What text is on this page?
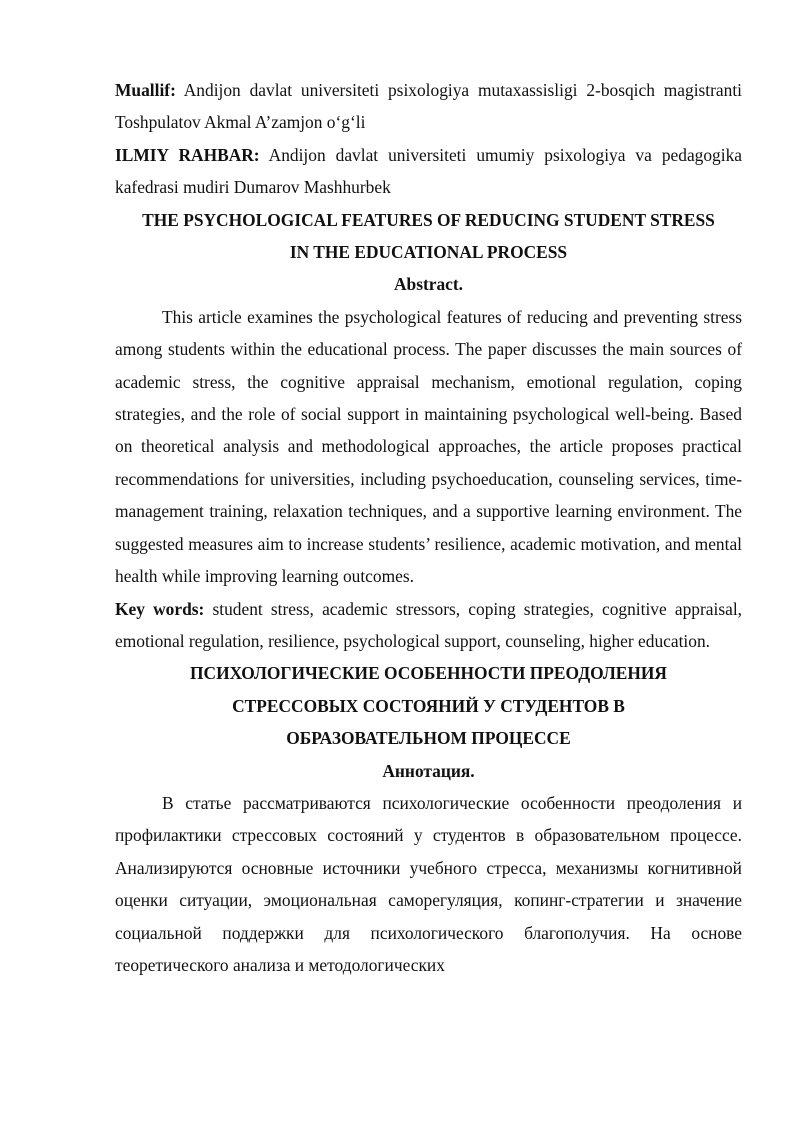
Muallif: Andijon davlat universiteti psixologiya mutaxassisligi 2-bosqich magistranti Toshpulatov Akmal A’zamjon o‘g‘li

ILMIY RAHBAR: Andijon davlat universiteti umumiy psixologiya va pedagogika kafedrasi mudiri Dumarov Mashhurbek

THE PSYCHOLOGICAL FEATURES OF REDUCING STUDENT STRESS

IN THE EDUCATIONAL PROCESS

Abstract.

This article examines the psychological features of reducing and preventing stress among students within the educational process. The paper discusses the main sources of academic stress, the cognitive appraisal mechanism, emotional regulation, coping strategies, and the role of social support in maintaining psychological well-being. Based on theoretical analysis and methodological approaches, the article proposes practical recommendations for universities, including psychoeducation, counseling services, time-management training, relaxation techniques, and a supportive learning environment. The suggested measures aim to increase students’ resilience, academic motivation, and mental health while improving learning outcomes.

Key words: student stress, academic stressors, coping strategies, cognitive appraisal, emotional regulation, resilience, psychological support, counseling, higher education.

ПСИХОЛОГИЧЕСКИЕ ОСОБЕННОСТИ ПРЕОДОЛЕНИЯ

СТРЕССОВЫХ СОСТОЯНИЙ У СТУДЕНТОВ В

ОБРАЗОВАТЕЛЬНОМ ПРОЦЕССЕ

Аннотация.

В статье рассматриваются психологические особенности преодоления и профилактики стрессовых состояний у студентов в образовательном процессе. Анализируются основные источники учебного стресса, механизмы когнитивной оценки ситуации, эмоциональная саморегуляция, копинг-стратегии и значение социальной поддержки для психологического благополучия. На основе теоретического анализа и методологических
